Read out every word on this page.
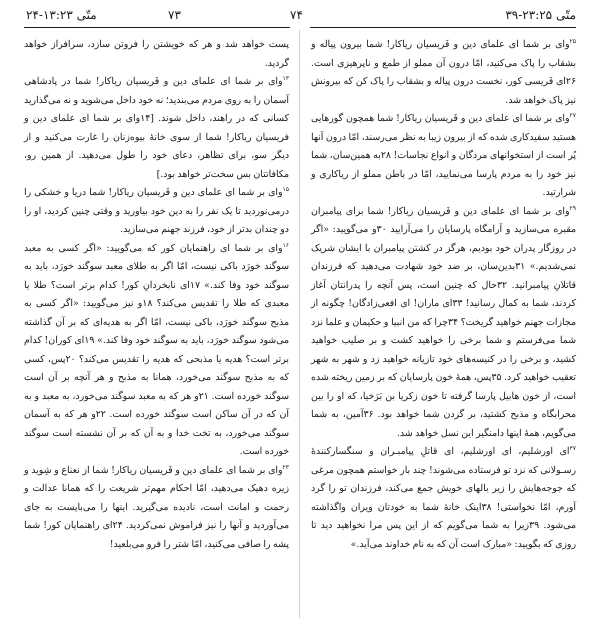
متّی ۱۳:۲۳-۲۴	۷۳

پست خواهد شد و هر که خویشتن را فروتن سازد، سرافراز خواهد گردید.

$^{۱۳}$وای بر شما ای علمای دین و فَریسیان ریاکار! شما در پادشاهی آسمان را به روی مردم می‌بندید؛ نه خود داخل می‌شوید و نه می‌گذارید کسانی که در راهند، داخل شوند. [۱۴وای بر شما ای علمای دین و فریسیان ریاکار! شما از سوی خانهٔ بیوه‌زنان را غارت می‌کنید و از دیگر سو، برای تظاهر، دعای خود را طول می‌دهید. از همین رو، مکافاتتان بس سخت‌تر خواهد بود.]

$^{۱۵}$وای بر شما ای علمای دین و فَریسیان ریاکار! شما دریا و خشکی را درمی‌نوردید تا یک نفر را به دین خود بیاورید و وقتی چنین کردید، او را دو چندان بدتر از خود، فرزند جهنم می‌سازید.

$^{۱۶}$وای بر شما ای راهنمایان کور که می‌گویید: «اگر کسی به معبد سوگند خورَد باکی نیست، امّا اگر به طلای معبد سوگند خورَد، باید به سوگند خود وفا کند.» ۱۷ای نابخردانِ کور! کدام برتر است؟ طلا یا معبدی که طلا را تقدیس می‌کند؟ ۱۸و نیز می‌گویید: «اگر کسی به مذبح سوگند خورَد، باکی نیست، امّا اگر به هدیه‌ای که بر آن گذاشته می‌شود سوگند خورَد، باید به سوگند خود وفا کند.» ۱۹ای کوران! کدام برتر است؟ هدیه یا مذبحی که هدیه را تقدیس می‌کند؟ ۲۰پس، کسی که به مذبح سوگند می‌خورد، همانا به مذبح و هر آنچه بر آن است سوگند خورده است. ۲۱و هر که به معبد سوگند می‌خورد، به معبد و به آن که در آن ساکن است سوگند خورده است. ۲۲و هر که به آسمان سوگند می‌خورد، به تخت خدا و به آن که بر آن نشسته است سوگند خورده است.

$^{۲۳}$وای بر شما ای علمای دین و فَریسیان ریاکار! شما از نعناع و شِوید و زیره دهیک می‌دهید، امّا احکام مهم‌تر شریعت را که همانا عدالت و رحمت و امانت است، نادیده می‌گیرید. اینها را می‌بایست به جای می‌آوردید و آنها را نیز فراموش نمی‌کردید. ۲۴ای راهنمایان کور! شما پشه را صافی می‌کنید، امّا شتر را فرو می‌بلعید!

۷۴	متّی ۲۳:۲۵-۳۹

$^{۲۵}$وای بر شما ای علمای دین و فَریسیان ریاکار! شما بیرون پیاله و بشقاب را پاک می‌کنید، امّا درون آن مملو از طمع و ناپرهیزی است. ۲۶ای فَریسی کور، نخست درون پیاله و بشقاب را پاک کن که بیرونش نیز پاک خواهد شد.

$^{۲۷}$وای بر شما ای علمای دین و فَریسیان ریاکار! شما همچون گورهایی هستید سفیدکاری شده که از بیرون زیبا به نظر می‌رسند، امّا درون آنها پُر است از استخوانهای مردگان و انواع نجاسات! ۲۸به همین‌سان، شما نیز خود را به مردم پارسا می‌نمایید، امّا در باطن مملو از ریاکاری و شرارتید.

$^{۲۹}$وای بر شما ای علمای دین و فَریسیان ریاکار! شما برای پیامبران مقبره می‌سازید و آرامگاه پارسایان را می‌آرایید ۳۰و می‌گویید: «اگر در روزگار پدران خود بودیم، هرگز در کشتن پیامبران با ایشان شریک نمی‌شدیم.» ۳۱بدین‌سان، بر ضد خود شهادت می‌دهید که فرزندان قاتلانِ پیامبرانید. ۳۲حال که چنین است، پس آنچه را پدرانتان آغاز کردند، شما به کمال رسانید! ۳۳ای ماران! ای افعی‌زادگان! چگونه از مجازات جهنم خواهید گریخت؟ ۳۴چرا که من انبیا و حکیمان و علما نزد شما می‌فرستم و شما برخی را خواهید کشت و بر صلیب خواهید کشید، و برخی را در کنیسه‌های خود تازیانه خواهید زد و شهر به شهر تعقیب خواهید کرد. ۳۵پس، همهٔ خون پارسایان که بر زمین ریخته شده است، از خون هابیل پارسا گرفته تا خون زکریا بن بَرَخیا، که او را بین محرابگاه و مذبح کشتید، بر گردن شما خواهد بود. ۳۶آمین، به شما می‌گویم، همهٔ اینها دامنگیر این نسل خواهد شد.

$^{۳۷}$ای اورشلیم، ای اورشلیم، ای قاتلِ پیامبـران و سنگسارکنندهٔ رسـولانی که نزد تو فرستاده می‌شوند! چند بار خواستم همچون مرغی که جوجه‌هایش را زیر بالهای خویش جمع می‌کند، فرزندان تو را گرد آورم، امّا نخواستی! ۳۸اینک خانهٔ شما به خودتان ویران واگذاشته می‌شود. ۳۹زیرا به شما می‌گویم که از این پس مرا نخواهید دید تا روزی که بگویید: «مبارک است آن که به نام خداوند می‌آید.»
